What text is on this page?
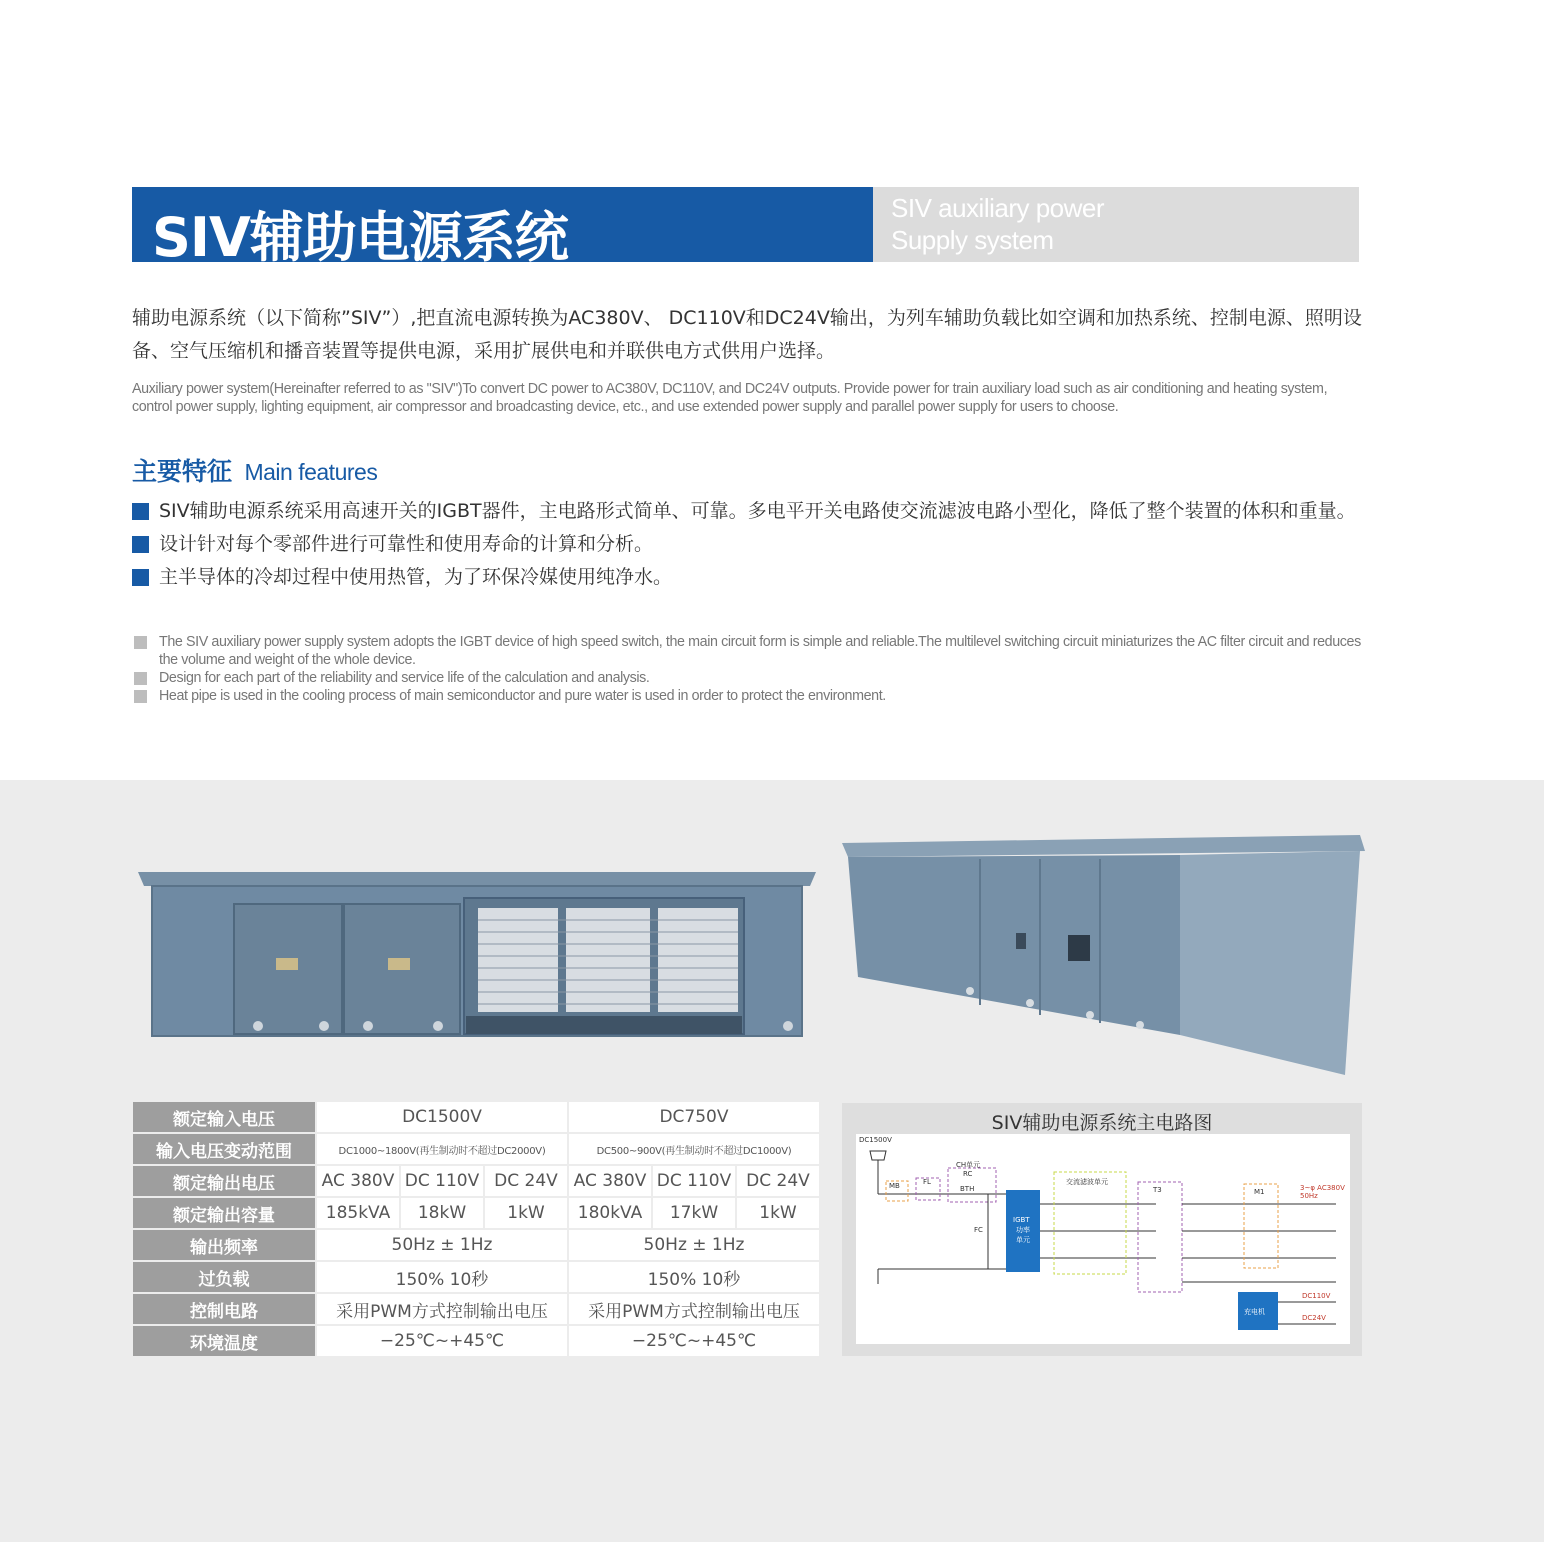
SIV辅助电源系统	SIV auxiliary power
Supply system

辅助电源系统（以下简称”SIV”）,把直流电源转换为AC380V、 DC110V和DC24V输出，为列车辅助负载比如空调和加热系统、控制电源、照明设备、空气压缩机和播音装置等提供电源，采用扩展供电和并联供电方式供用户选择。

Auxiliary power system(Hereinafter referred to as "SIV")To convert DC power to AC380V, DC110V, and DC24V outputs. Provide power for train auxiliary load such as air conditioning and heating system, control power supply, lighting equipment, air compressor and broadcasting device, etc., and use extended power supply and parallel power supply for users to choose.

主要特征 Main features
SIV辅助电源系统采用高速开关的IGBT器件，主电路形式简单、可靠。多电平开关电路使交流滤波电路小型化，降低了整个装置的体积和重量。
设计针对每个零部件进行可靠性和使用寿命的计算和分析。
主半导体的冷却过程中使用热管，为了环保冷媒使用纯净水。
The SIV auxiliary power supply system adopts the IGBT device of high speed switch, the main circuit form is simple and reliable.The multilevel switching circuit miniaturizes the AC filter circuit and reduces the volume and weight of the whole device.
Design for each part of the reliability and service life of the calculation and analysis.
Heat pipe is used in the cooling process of main semiconductor and pure water is used in order to protect the environment.
额定输入电压	DC1500V			DC750V		
输入电压变动范围	DC1000~1800V(再生制动时不超过DC2000V)			DC500~900V(再生制动时不超过DC1000V)		
额定输出电压	AC 380V	DC 110V	DC 24V	AC 380V	DC 110V	DC 24V
额定输出容量	185kVA	18kW	1kW	180kVA	17kW	1kW
输出频率	50Hz ± 1Hz			50Hz ± 1Hz		
过负载	150% 10秒			150% 10秒		
控制电路	采用PWM方式控制输出电压			采用PWM方式控制输出电压		
环境温度	−25℃~+45℃			−25℃~+45℃		
SIV辅助电源系统主电路图
DC1500V
MB	FL
CH单元
RC
BTH
FC
IGBT
功率
单元
交流滤波单元
T3	M1	3~φ AC380V
50Hz
充电机
DC110V
DC24V
